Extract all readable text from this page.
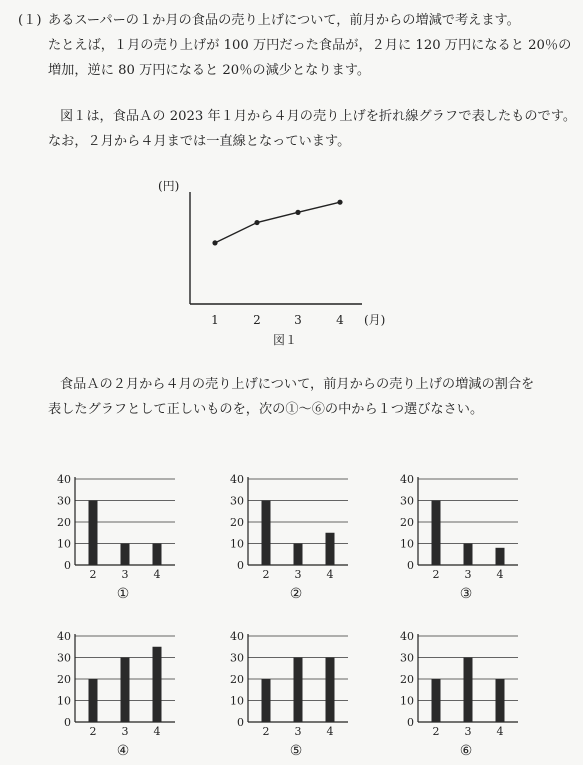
(１) あるスーパーの１か月の食品の売り上げについて，前月からの増減で考えます。
たとえば，１月の売り上げが 100 万円だった食品が，２月に 120 万円になると 20％の
増加，逆に 80 万円になると 20％の減少となります。
図１は，食品Ａの 2023 年１月から４月の売り上げを折れ線グラフで表したものです。
なお，２月から４月までは一直線となっています。
(円)
1	2	3	4 (月)
図１
食品Ａの２月から４月の売り上げについて，前月からの売り上げの増減の割合を
表したグラフとして正しいものを，次の①～⑥の中から１つ選びなさい。
0
10
20
30
40
2 3 4
①
0
10
20
30
40
2 3 4
②
0
10
20
30
40
2 3 4
③
0
10
20
30
40
2 3 4
④
0
10
20
30
40
2 3 4
⑤
0
10
20
30
40
2 3 4
⑥
